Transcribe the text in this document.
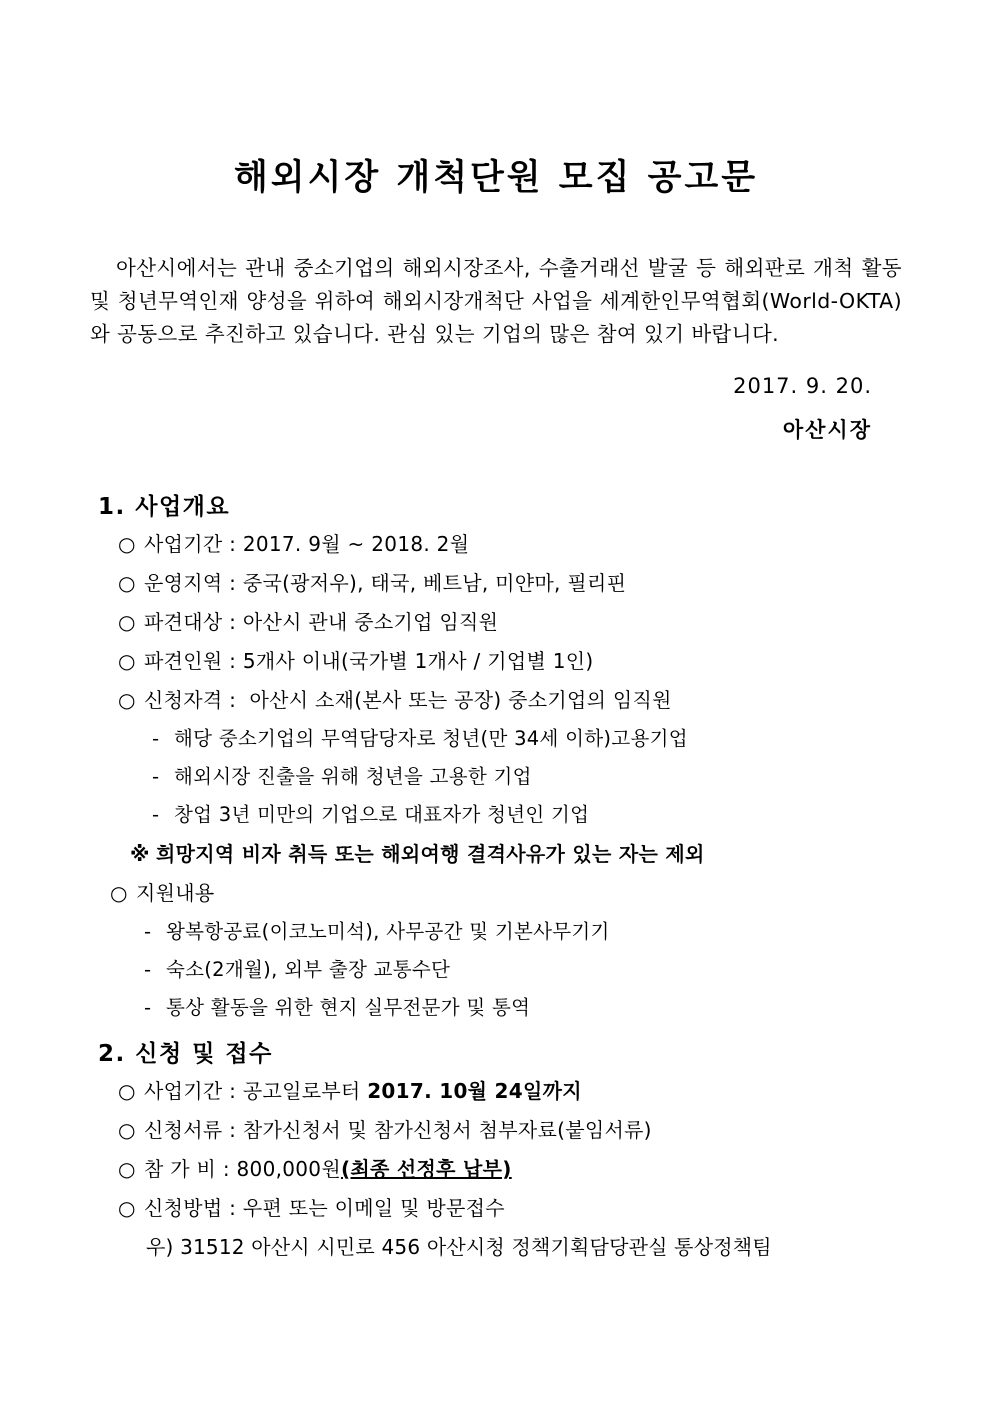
해외시장 개척단원 모집 공고문

아산시에서는 관내 중소기업의 해외시장조사, 수출거래선 발굴 등 해외판로 개척 활동 및 청년무역인재 양성을 위하여 해외시장개척단 사업을 세계한인무역협회(World-OKTA)와 공동으로 추진하고 있습니다. 관심 있는 기업의 많은 참여 있기 바랍니다.

2017. 9. 20.
아산시장
1. 사업개요
○ 사업기간 : 2017. 9월 ~ 2018. 2월
○ 운영지역 : 중국(광저우), 태국, 베트남, 미얀마, 필리핀
○ 파견대상 : 아산시 관내 중소기업 임직원
○ 파견인원 : 5개사 이내(국가별 1개사 / 기업별 1인)
○ 신청자격 :  아산시 소재(본사 또는 공장) 중소기업의 임직원
- 해당 중소기업의 무역담당자로 청년(만 34세 이하)고용기업
- 해외시장 진출을 위해 청년을 고용한 기업
- 창업 3년 미만의 기업으로 대표자가 청년인 기업
※ 희망지역 비자 취득 또는 해외여행 결격사유가 있는 자는 제외
○ 지원내용
- 왕복항공료(이코노미석), 사무공간 및 기본사무기기
- 숙소(2개월), 외부 출장 교통수단
- 통상 활동을 위한 현지 실무전문가 및 통역
2. 신청 및 접수
○ 사업기간 : 공고일로부터 2017. 10월 24일까지
○ 신청서류 : 참가신청서 및 참가신청서 첨부자료(붙임서류)
○ 참 가 비 : 800,000원(최종 선정후 납부)
○ 신청방법 : 우편 또는 이메일 및 방문접수
우) 31512 아산시 시민로 456 아산시청 정책기획담당관실 통상정책팀
